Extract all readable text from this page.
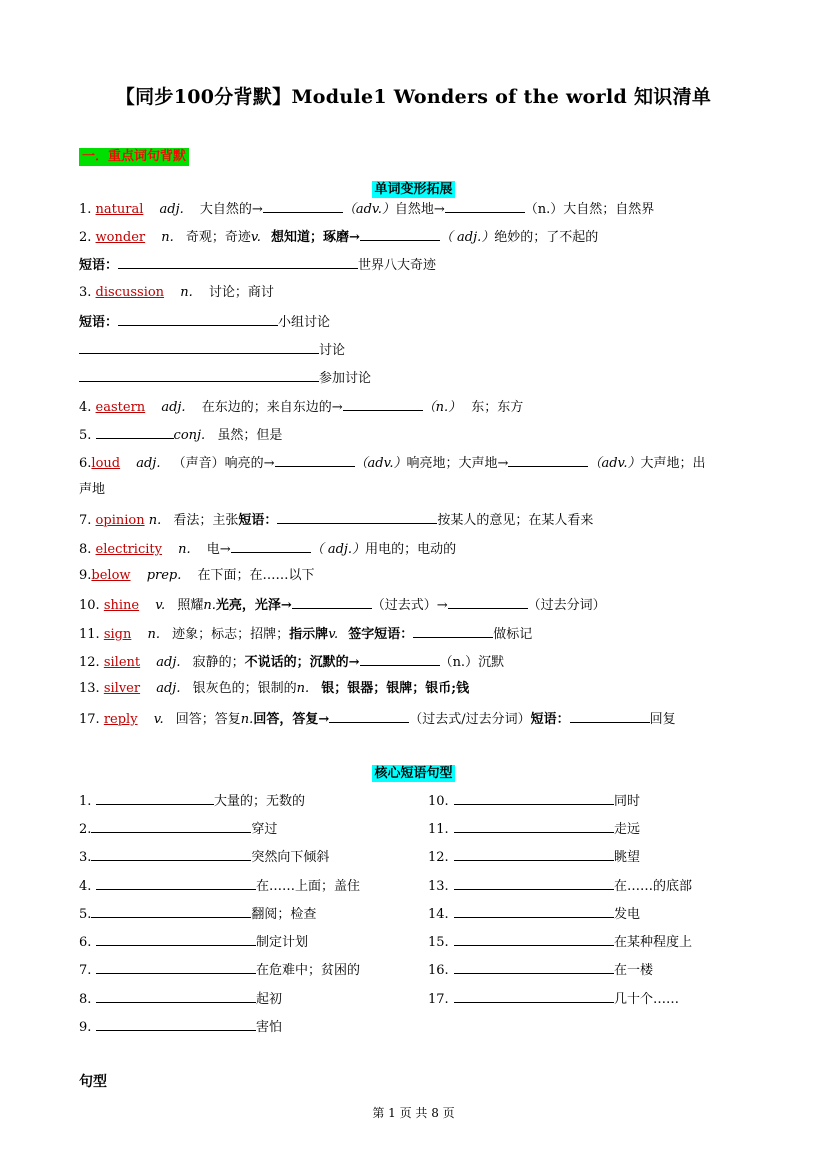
【同步100分背默】Module1 Wonders of the world 知识清单
一．重点词句背默
单词变形拓展
1. natural adj. 大自然的→	（adv.）自然地→	（n.）大自然；自然界
2. wonder n. 奇观；奇迹v. 想知道；琢磨→	（ adj.）绝妙的；了不起的
短语：	世界八大奇迹
3. discussion n. 讨论；商讨
短语：	小组讨论
讨论
参加讨论
4. eastern adj. 在东边的；来自东边的→	（n.） 东；东方
5.	conj. 虽然；但是
6.loud adj. （声音）响亮的→	（adv.）响亮地；大声地→	（adv.）大声地；出
声地
7. opinion n. 看法；主张短语：	按某人的意见；在某人看来
8. electricity n. 电→	（ adj.）用电的；电动的
9.below prep. 在下面；在……以下
10. shine v. 照耀n.光亮，光泽→	（过去式）→	（过去分词）
11. sign n. 迹象；标志；招牌；指示牌v. 签字短语：	做标记
12. silent adj. 寂静的；不说话的；沉默的→	（n.）沉默
13. silver adj. 银灰色的；银制的n. 银；银器；银牌；银币;钱
17. reply v. 回答；答复n.回答，答复→	（过去式/过去分词）短语：	回复
核心短语句型
1.	大量的；无数的
2.	穿过
3.	突然向下倾斜
4.	在……上面；盖住
5.	翻阅；检查
6.	制定计划
7.	在危难中；贫困的
8.	起初
9.	害怕
10.	同时
11.	走远
12.	眺望
13.	在……的底部
14.	发电
15.	在某种程度上
16.	在一楼
17.	几十个……
句型
第 1 页 共 8 页
